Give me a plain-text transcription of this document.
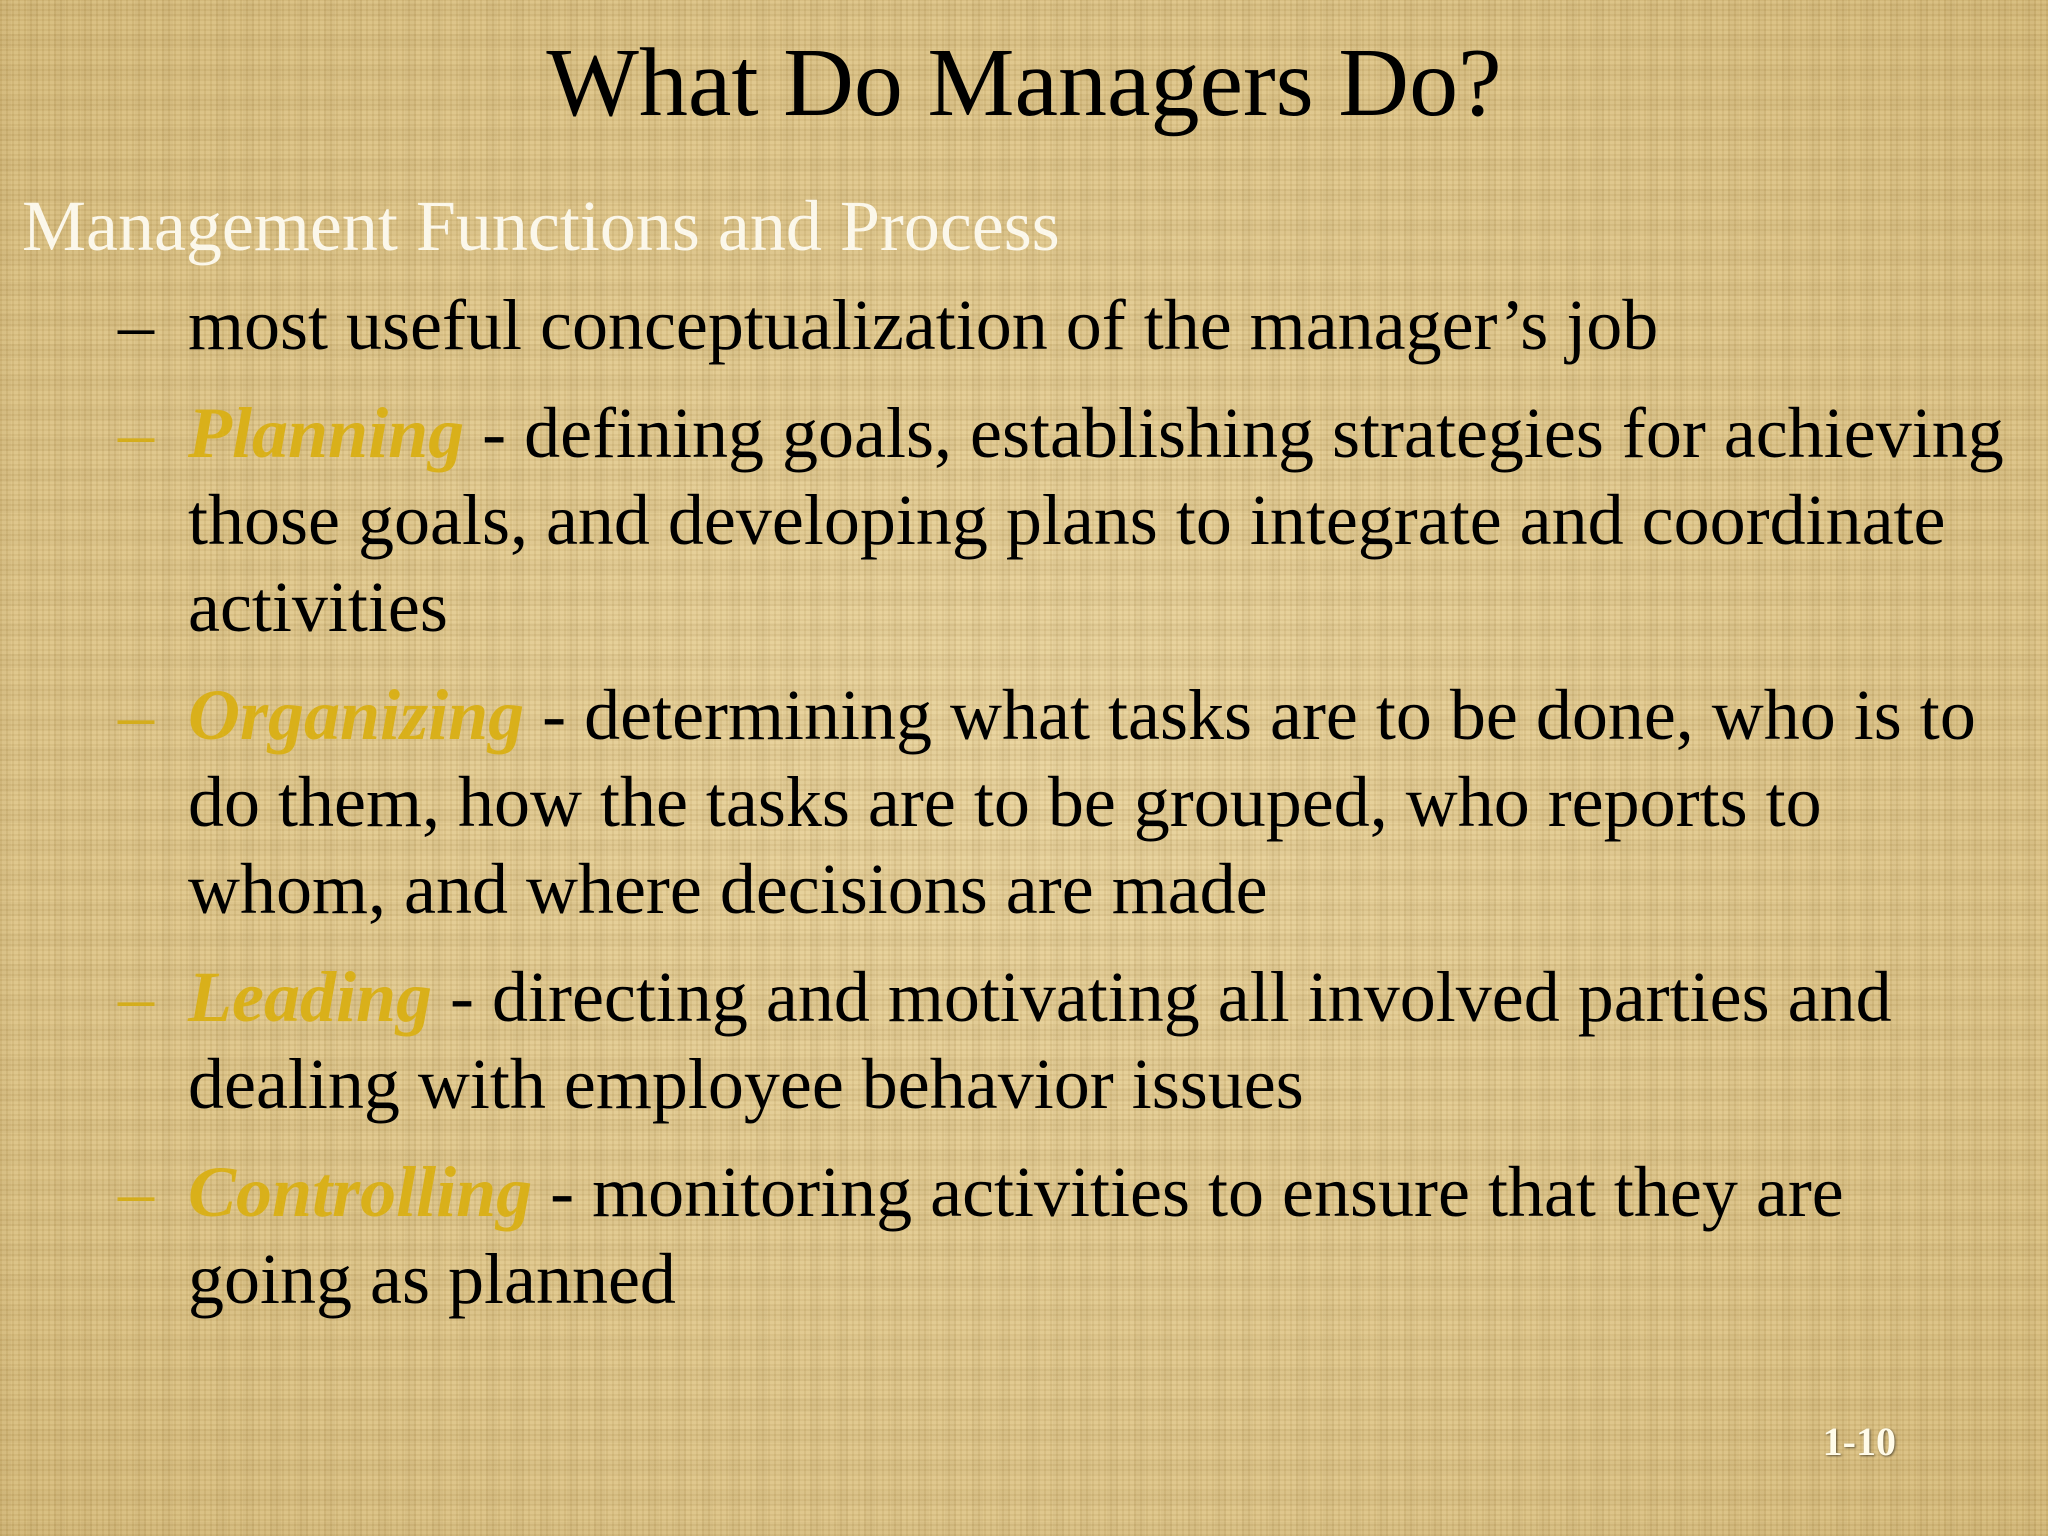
What Do Managers Do?
Management Functions and Process
– most useful conceptualization of the manager’s job
– Planning - defining goals, establishing strategies for achieving those goals, and developing plans to integrate and coordinate activities
– Organizing - determining what tasks are to be done, who is to do them, how the tasks are to be grouped, who reports to whom, and where decisions are made
– Leading - directing and motivating all involved parties and dealing with employee behavior issues
– Controlling - monitoring activities to ensure that they are going as planned
1-10
